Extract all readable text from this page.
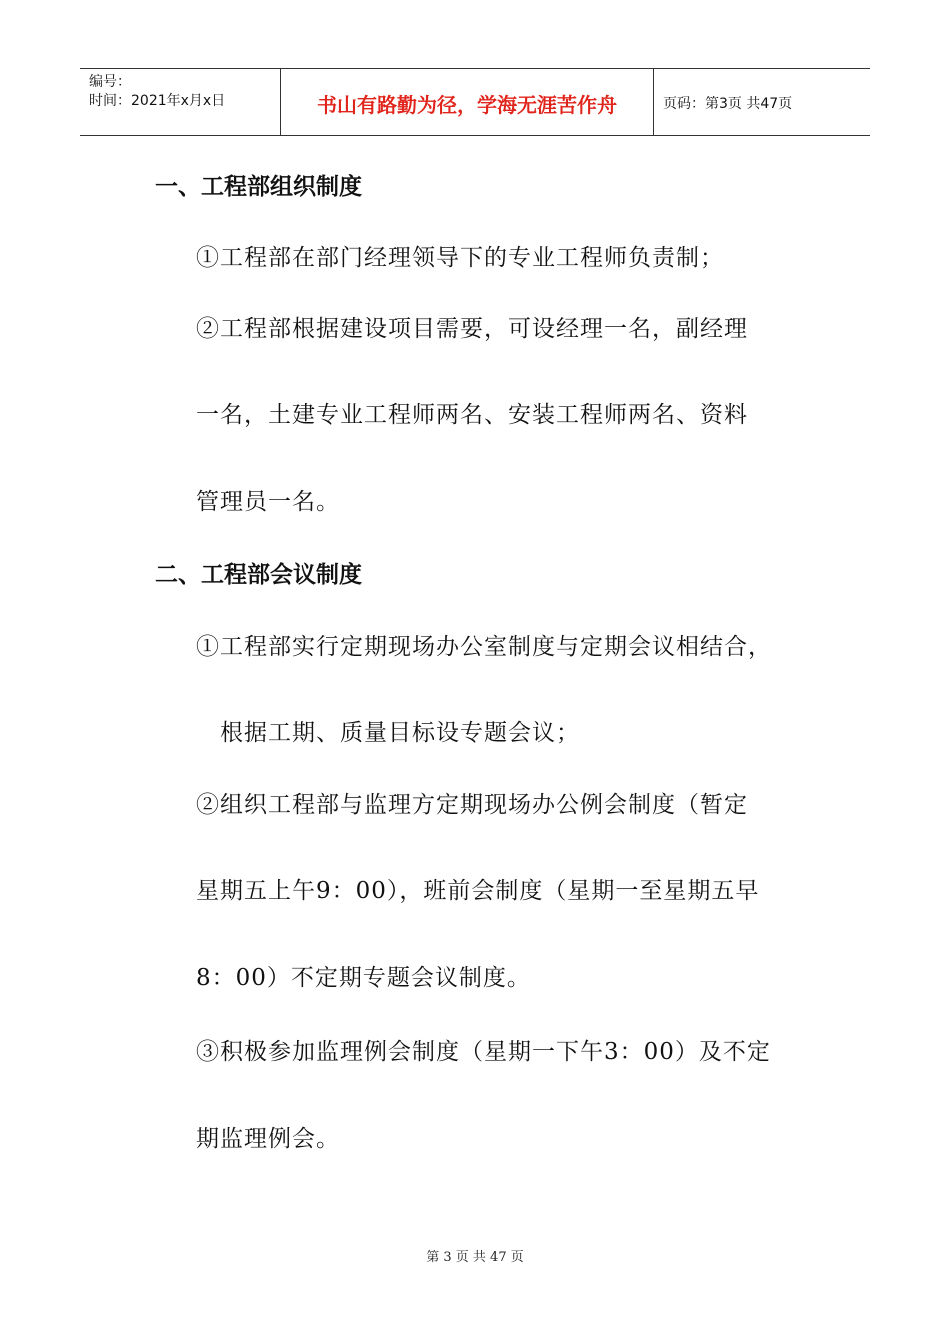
编号：
时间：2021年x月x日	书山有路勤为径，学海无涯苦作舟	页码：第3页 共47页
一、工程部组织制度
①工程部在部门经理领导下的专业工程师负责制；
②工程部根据建设项目需要，可设经理一名，副经理
一名，土建专业工程师两名、安装工程师两名、资料
管理员一名。
二、工程部会议制度
①工程部实行定期现场办公室制度与定期会议相结合，
根据工期、质量目标设专题会议；
②组织工程部与监理方定期现场办公例会制度（暂定
星期五上午9：00），班前会制度（星期一至星期五早
8：00）不定期专题会议制度。
③积极参加监理例会制度（星期一下午3：00）及不定
期监理例会。
第 3 页 共 47 页
